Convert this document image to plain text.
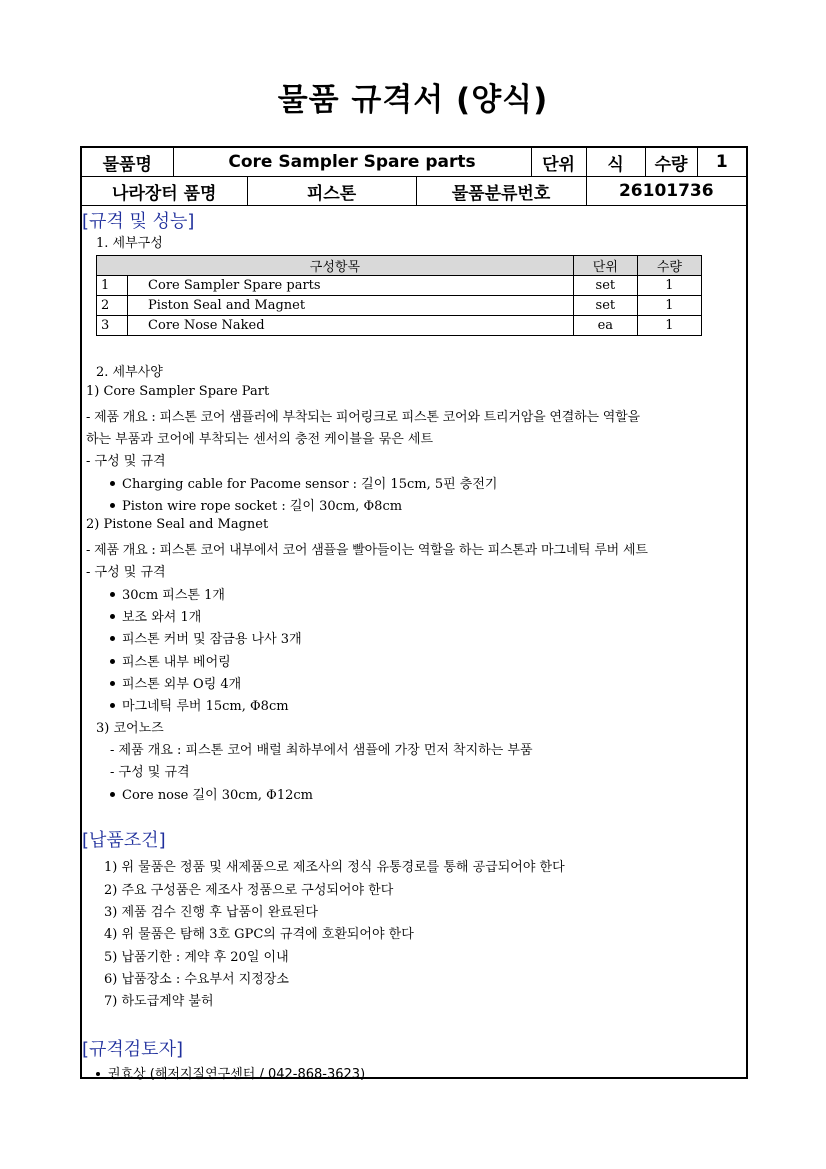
물품 규격서 (양식)
물품명	Core Sampler Spare parts			단위	식	수량	1
나라장터 품명		피스톤	물품분류번호		26101736		
[규격 및 성능]
1. 세부구성
구성항목		단위	수량
1	Core Sampler Spare parts	set	1
2	Piston Seal and Magnet	set	1
3	Core Nose Naked	ea	1
2. 세부사양
1) Core Sampler Spare Part
- 제품 개요 : 피스톤 코어 샘플러에 부착되는 피어링크로 피스톤 코어와 트리거암을 연결하는 역할을
하는 부품과 코어에 부착되는 센서의 충전 케이블을 묶은 세트
- 구성 및 규격
Charging cable for Pacome sensor : 길이 15cm, 5핀 충전기
Piston wire rope socket : 길이 30cm, Φ8cm
2) Pistone Seal and Magnet
- 제품 개요 : 피스톤 코어 내부에서 코어 샘플을 빨아들이는 역할을 하는 피스톤과 마그네틱 루버 세트
- 구성 및 규격
30cm 피스톤 1개
보조 와셔 1개
피스톤 커버 및 잠금용 나사 3개
피스톤 내부 베어링
피스톤 외부 O링 4개
마그네틱 루버 15cm, Φ8cm
3) 코어노즈
- 제품 개요 : 피스톤 코어 배럴 최하부에서 샘플에 가장 먼저 착지하는 부품
- 구성 및 규격
Core nose 길이 30cm, Φ12cm
[납품조건]
1) 위 물품은 정품 및 새제품으로 제조사의 정식 유통경로를 통해 공급되어야 한다
2) 주요 구성품은 제조사 정품으로 구성되어야 한다
3) 제품 검수 진행 후 납품이 완료된다
4) 위 물품은 탐해 3호 GPC의 규격에 호환되어야 한다
5) 납품기한 : 계약 후 20일 이내
6) 납품장소 : 수요부서 지정장소
7) 하도급계약 불허
[규격검토자]
권효상 (해저지질연구센터 / 042-868-3623)
